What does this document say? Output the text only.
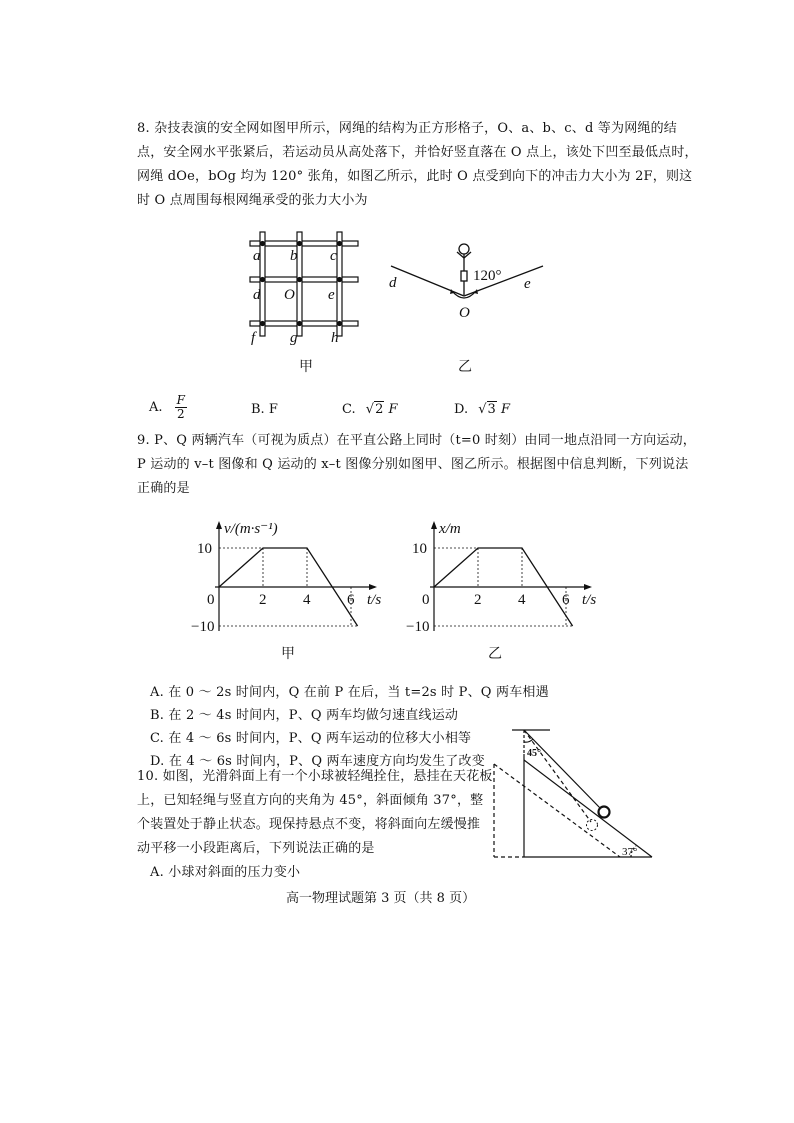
8. 杂技表演的安全网如图甲所示，网绳的结构为正方形格子，O、a、b、c、d 等为网绳的结
点，安全网水平张紧后，若运动员从高处落下，并恰好竖直落在 O 点上，该处下凹至最低点时，
网绳 dOe，bOg 均为 120° 张角，如图乙所示，此时 O 点受到向下的冲击力大小为 2F，则这
时 O 点周围每根网绳承受的张力大小为
a b c
d O e
f g h
甲
120°
d	e
O
乙
A. $\frac{F}{2}$	B. F	C. √2 F	D. √3 F
9. P、Q 两辆汽车（可视为质点）在平直公路上同时（t=0 时刻）由同一地点沿同一方向运动，
P 运动的 v–t 图像和 Q 运动的 x–t 图像分别如图甲、图乙所示。根据图中信息判断，下列说法
正确的是
0	2 4 6
10
−10
v/(m·s⁻¹)
t/s
甲
0	2 4 6
10
−10
x/m
t/s
乙
A. 在 0 ～ 2s 时间内，Q 在前 P 在后，当 t=2s 时 P、Q 两车相遇
B. 在 2 ～ 4s 时间内，P、Q 两车均做匀速直线运动
C. 在 4 ～ 6s 时间内，P、Q 两车运动的位移大小相等
D. 在 4 ～ 6s 时间内，P、Q 两车速度方向均发生了改变
10. 如图，光滑斜面上有一个小球被轻绳拴住，悬挂在天花板
上，已知轻绳与竖直方向的夹角为 45°，斜面倾角 37°，整
个装置处于静止状态。现保持悬点不变，将斜面向左缓慢推
动平移一小段距离后，下列说法正确的是
A. 小球对斜面的压力变小
45°
37°
高一物理试题第 3 页（共 8 页）
